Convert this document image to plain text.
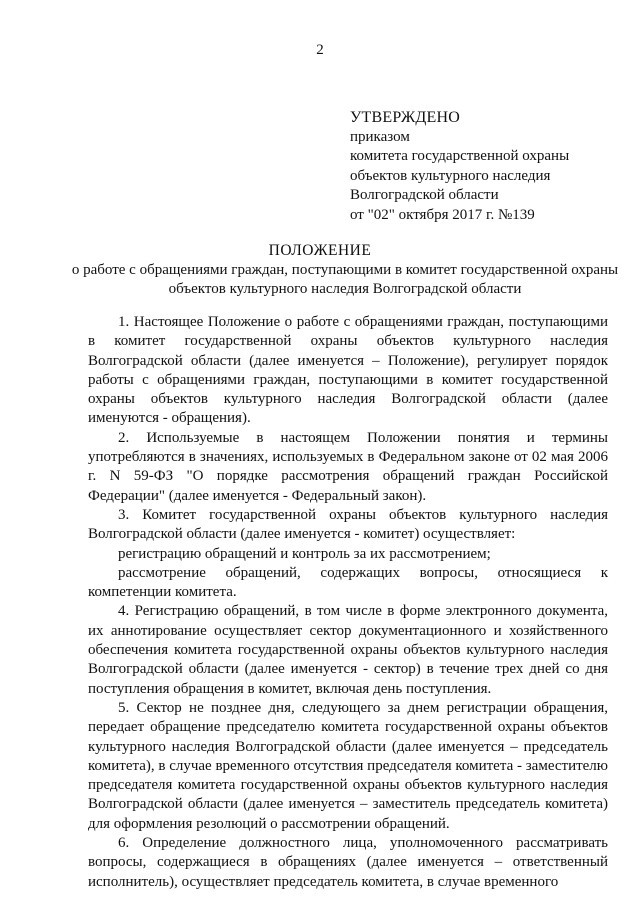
2
УТВЕРЖДЕНО
приказом
комитета государственной охраны
объектов культурного наследия
Волгоградской области
от "02" октября 2017 г. №139
ПОЛОЖЕНИЕ
о работе с обращениями граждан, поступающими в комитет государственной охраны объектов культурного наследия Волгоградской области

1. Настоящее Положение о работе с обращениями граждан, поступающими в комитет государственной охраны объектов культурного наследия Волгоградской области (далее именуется – Положение), регулирует порядок работы с обращениями граждан, поступающими в комитет государственной охраны объектов культурного наследия Волгоградской области (далее именуются - обращения).

2. Используемые в настоящем Положении понятия и термины употребляются в значениях, используемых в Федеральном законе от 02 мая 2006 г. N 59-ФЗ "О порядке рассмотрения обращений граждан Российской Федерации" (далее именуется - Федеральный закон).

3. Комитет государственной охраны объектов культурного наследия Волгоградской области (далее именуется - комитет) осуществляет:

регистрацию обращений и контроль за их рассмотрением;

рассмотрение обращений, содержащих вопросы, относящиеся к компетенции комитета.

4. Регистрацию обращений, в том числе в форме электронного документа, их аннотирование осуществляет сектор документационного и хозяйственного обеспечения комитета государственной охраны объектов культурного наследия Волгоградской области (далее именуется - сектор) в течение трех дней со дня поступления обращения в комитет, включая день поступления.

5. Сектор не позднее дня, следующего за днем регистрации обращения, передает обращение председателю комитета государственной охраны объектов культурного наследия Волгоградской области (далее именуется – председатель комитета), в случае временного отсутствия председателя комитета - заместителю председателя комитета государственной охраны объектов культурного наследия Волгоградской области (далее именуется – заместитель председатель комитета) для оформления резолюций о рассмотрении обращений.

6. Определение должностного лица, уполномоченного рассматривать вопросы, содержащиеся в обращениях (далее именуется – ответственный исполнитель), осуществляет председатель комитета, в случае временного
